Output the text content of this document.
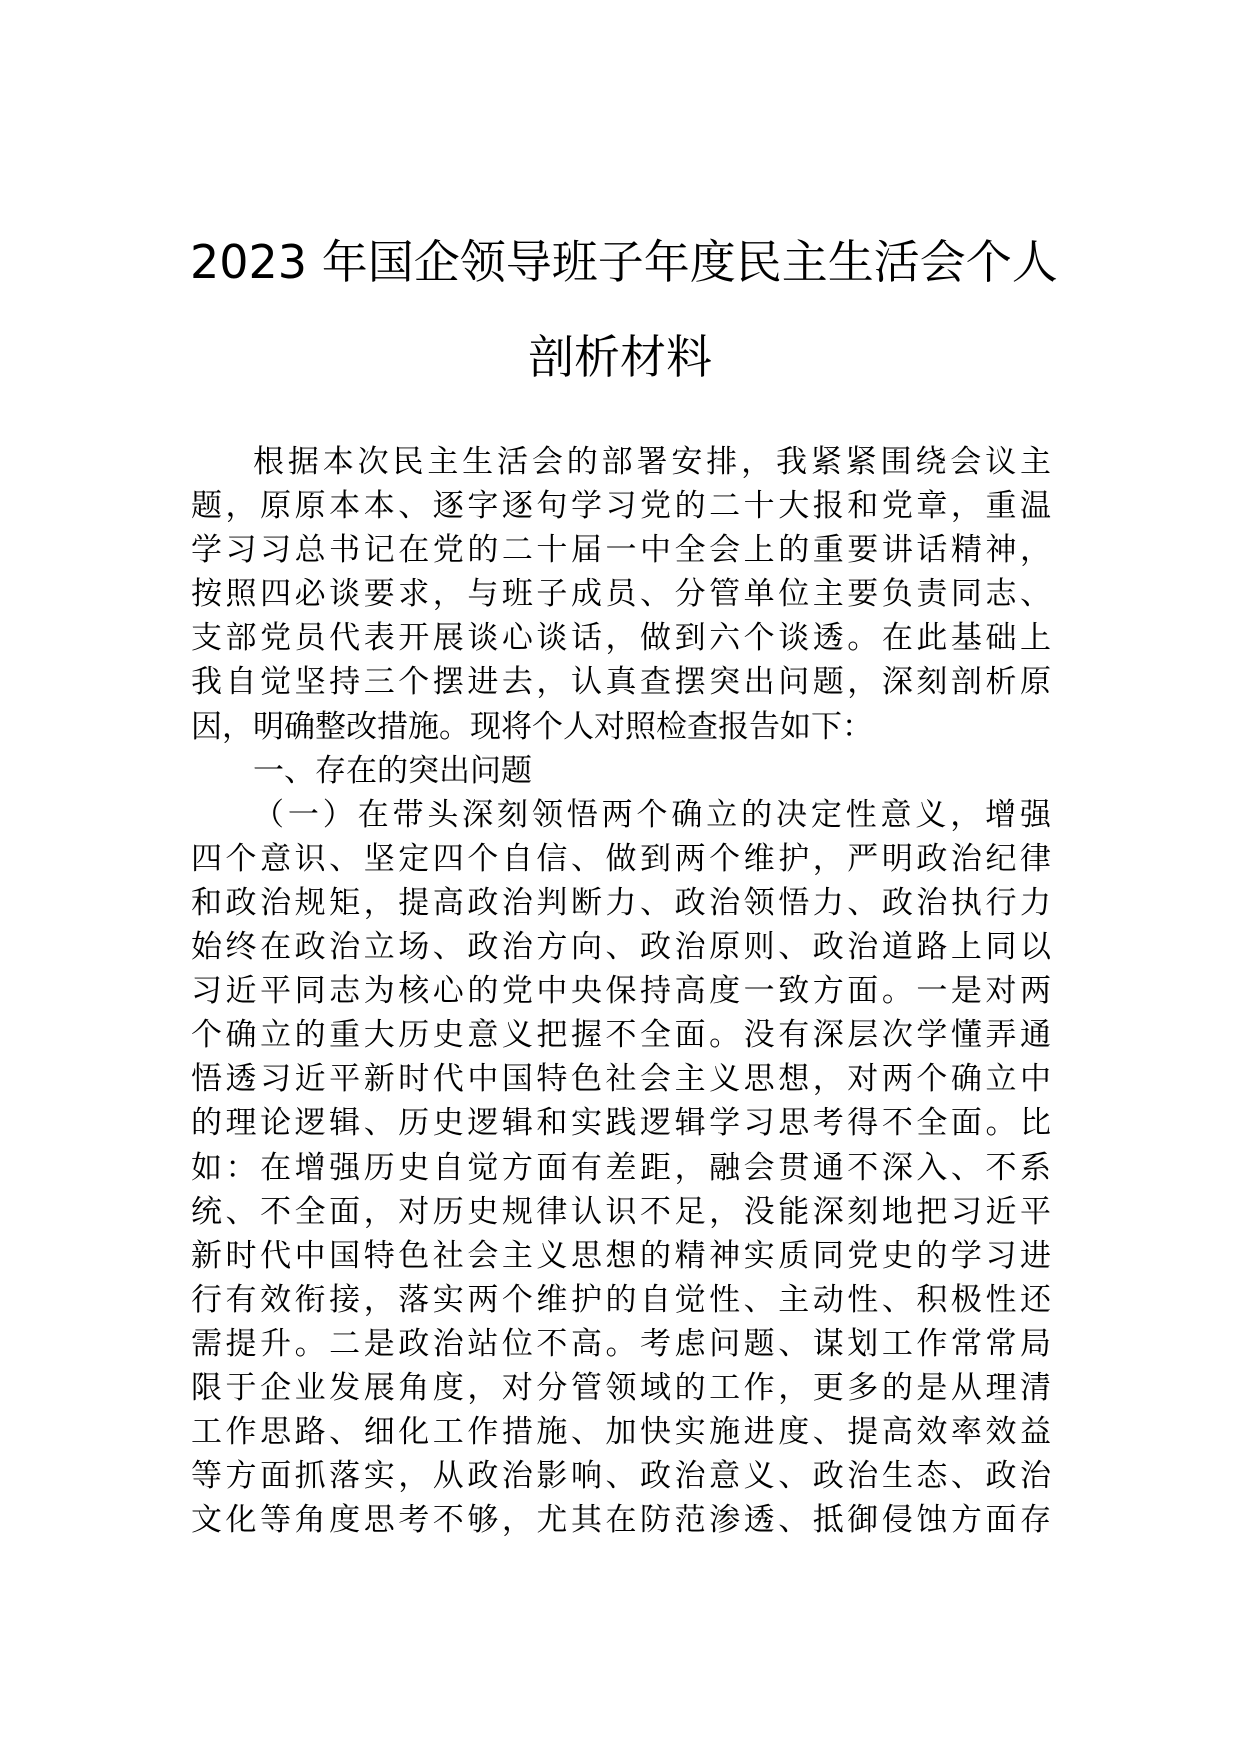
2023 年国企领导班子年度民主生活会个人
剖析材料
根据本次民主生活会的部署安排，我紧紧围绕会议主
题，原原本本、逐字逐句学习党的二十大报和党章，重温
学习习总书记在党的二十届一中全会上的重要讲话精神，
按照四必谈要求，与班子成员、分管单位主要负责同志、
支部党员代表开展谈心谈话，做到六个谈透。在此基础上
我自觉坚持三个摆进去，认真查摆突出问题，深刻剖析原
因，明确整改措施。现将个人对照检查报告如下：
一、存在的突出问题
（一）在带头深刻领悟两个确立的决定性意义，增强
四个意识、坚定四个自信、做到两个维护，严明政治纪律
和政治规矩，提高政治判断力、政治领悟力、政治执行力
始终在政治立场、政治方向、政治原则、政治道路上同以
习近平同志为核心的党中央保持高度一致方面。一是对两
个确立的重大历史意义把握不全面。没有深层次学懂弄通
悟透习近平新时代中国特色社会主义思想，对两个确立中
的理论逻辑、历史逻辑和实践逻辑学习思考得不全面。比
如：在增强历史自觉方面有差距，融会贯通不深入、不系
统、不全面，对历史规律认识不足，没能深刻地把习近平
新时代中国特色社会主义思想的精神实质同党史的学习进
行有效衔接，落实两个维护的自觉性、主动性、积极性还
需提升。二是政治站位不高。考虑问题、谋划工作常常局
限于企业发展角度，对分管领域的工作，更多的是从理清
工作思路、细化工作措施、加快实施进度、提高效率效益
等方面抓落实，从政治影响、政治意义、政治生态、政治
文化等角度思考不够，尤其在防范渗透、抵御侵蚀方面存
